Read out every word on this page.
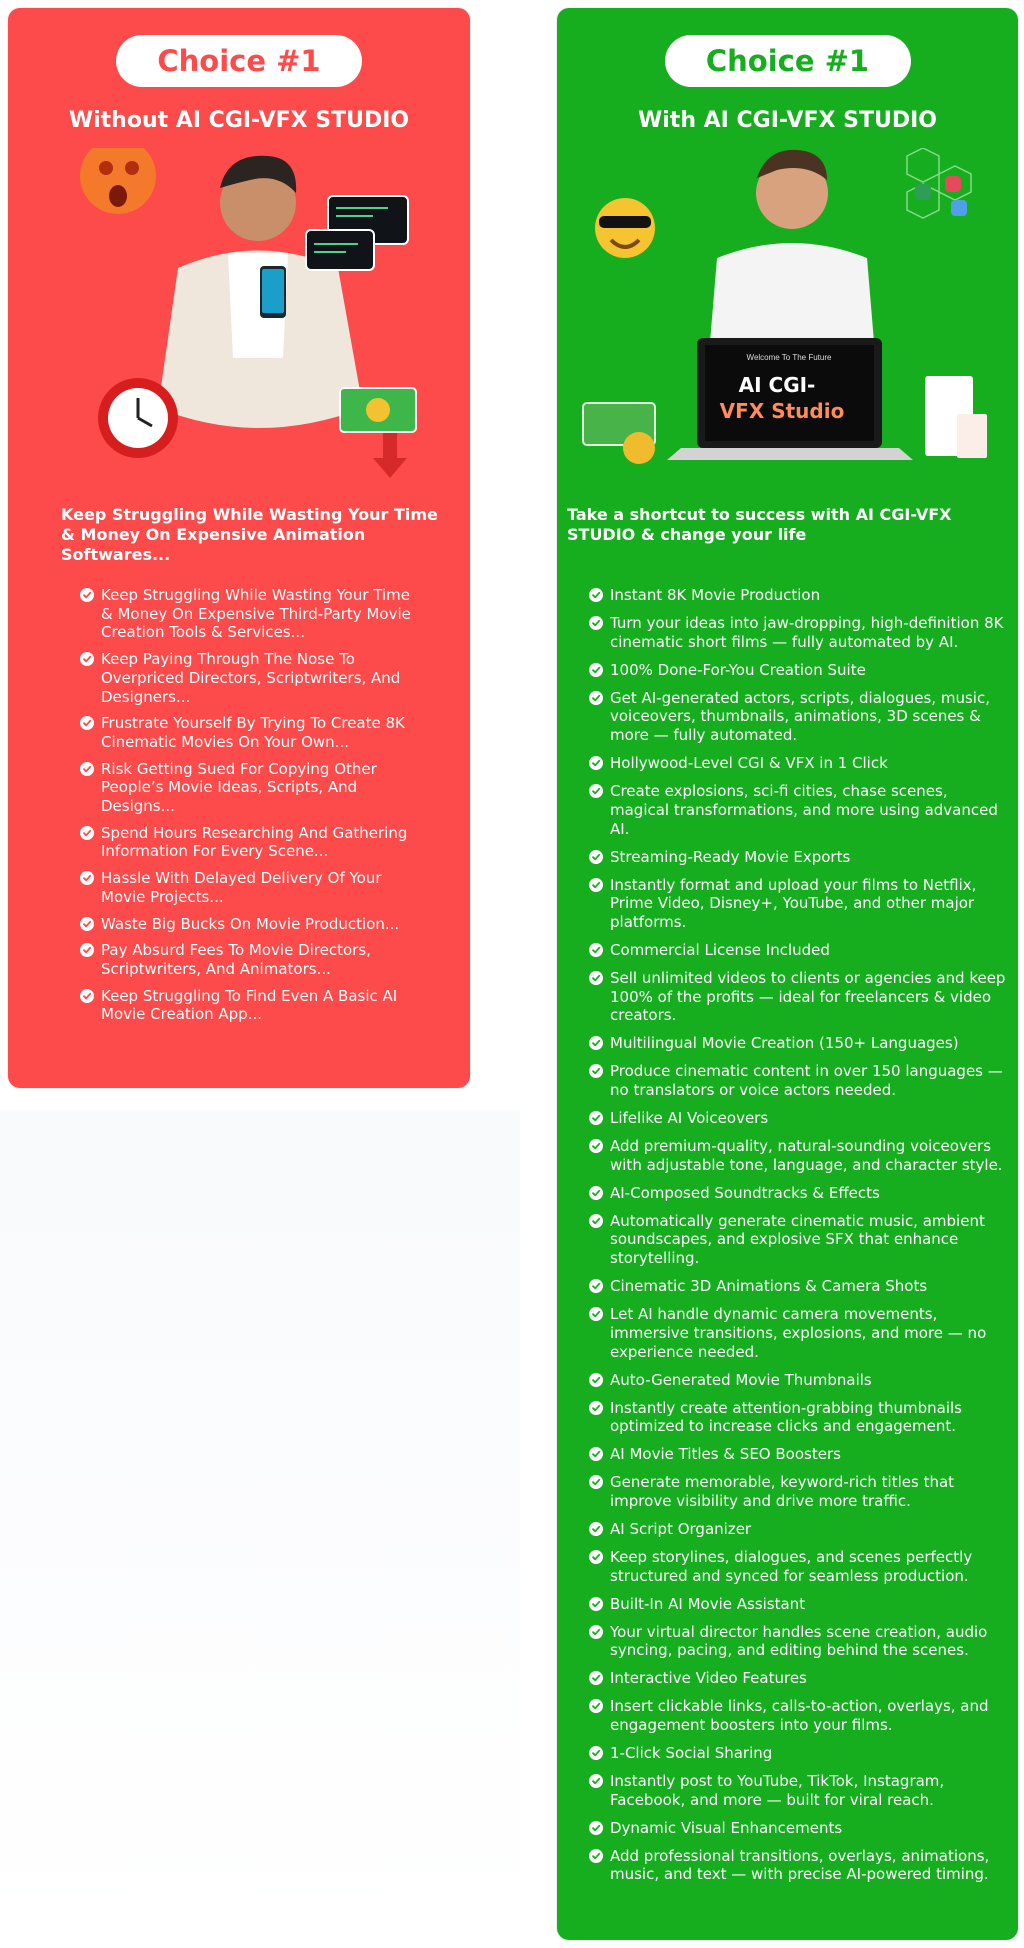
Choice #1
Without AI CGI-VFX STUDIO
Keep Struggling While Wasting Your Time & Money On Expensive Animation Softwares...
Keep Struggling While Wasting Your Time & Money On Expensive Third-Party Movie Creation Tools & Services...
Keep Paying Through The Nose To Overpriced Directors, Scriptwriters, And Designers...
Frustrate Yourself By Trying To Create 8K Cinematic Movies On Your Own...
Risk Getting Sued For Copying Other People’s Movie Ideas, Scripts, And Designs...
Spend Hours Researching And Gathering Information For Every Scene...
Hassle With Delayed Delivery Of Your Movie Projects...
Waste Big Bucks On Movie Production...
Pay Absurd Fees To Movie Directors, Scriptwriters, And Animators...
Keep Struggling To Find Even A Basic AI Movie Creation App...
Choice #1
With AI CGI-VFX STUDIO
Welcome To The Future
AI CGI-
VFX Studio
Take a shortcut to success with AI CGI-VFX STUDIO & change your life
Instant 8K Movie Production
Turn your ideas into jaw-dropping, high-definition 8K cinematic short films — fully automated by AI.
100% Done-For-You Creation Suite
Get AI-generated actors, scripts, dialogues, music, voiceovers, thumbnails, animations, 3D scenes & more — fully automated.
Hollywood-Level CGI & VFX in 1 Click
Create explosions, sci-fi cities, chase scenes, magical transformations, and more using advanced AI.
Streaming-Ready Movie Exports
Instantly format and upload your films to Netflix, Prime Video, Disney+, YouTube, and other major platforms.
Commercial License Included
Sell unlimited videos to clients or agencies and keep 100% of the profits — ideal for freelancers & video creators.
Multilingual Movie Creation (150+ Languages)
Produce cinematic content in over 150 languages — no translators or voice actors needed.
Lifelike AI Voiceovers
Add premium-quality, natural-sounding voiceovers with adjustable tone, language, and character style.
AI-Composed Soundtracks & Effects
Automatically generate cinematic music, ambient soundscapes, and explosive SFX that enhance storytelling.
Cinematic 3D Animations & Camera Shots
Let AI handle dynamic camera movements, immersive transitions, explosions, and more — no experience needed.
Auto-Generated Movie Thumbnails
Instantly create attention-grabbing thumbnails optimized to increase clicks and engagement.
AI Movie Titles & SEO Boosters
Generate memorable, keyword-rich titles that improve visibility and drive more traffic.
AI Script Organizer
Keep storylines, dialogues, and scenes perfectly structured and synced for seamless production.
Built-In AI Movie Assistant
Your virtual director handles scene creation, audio syncing, pacing, and editing behind the scenes.
Interactive Video Features
Insert clickable links, calls-to-action, overlays, and engagement boosters into your films.
1-Click Social Sharing
Instantly post to YouTube, TikTok, Instagram, Facebook, and more — built for viral reach.
Dynamic Visual Enhancements
Add professional transitions, overlays, animations, music, and text — with precise AI-powered timing.
